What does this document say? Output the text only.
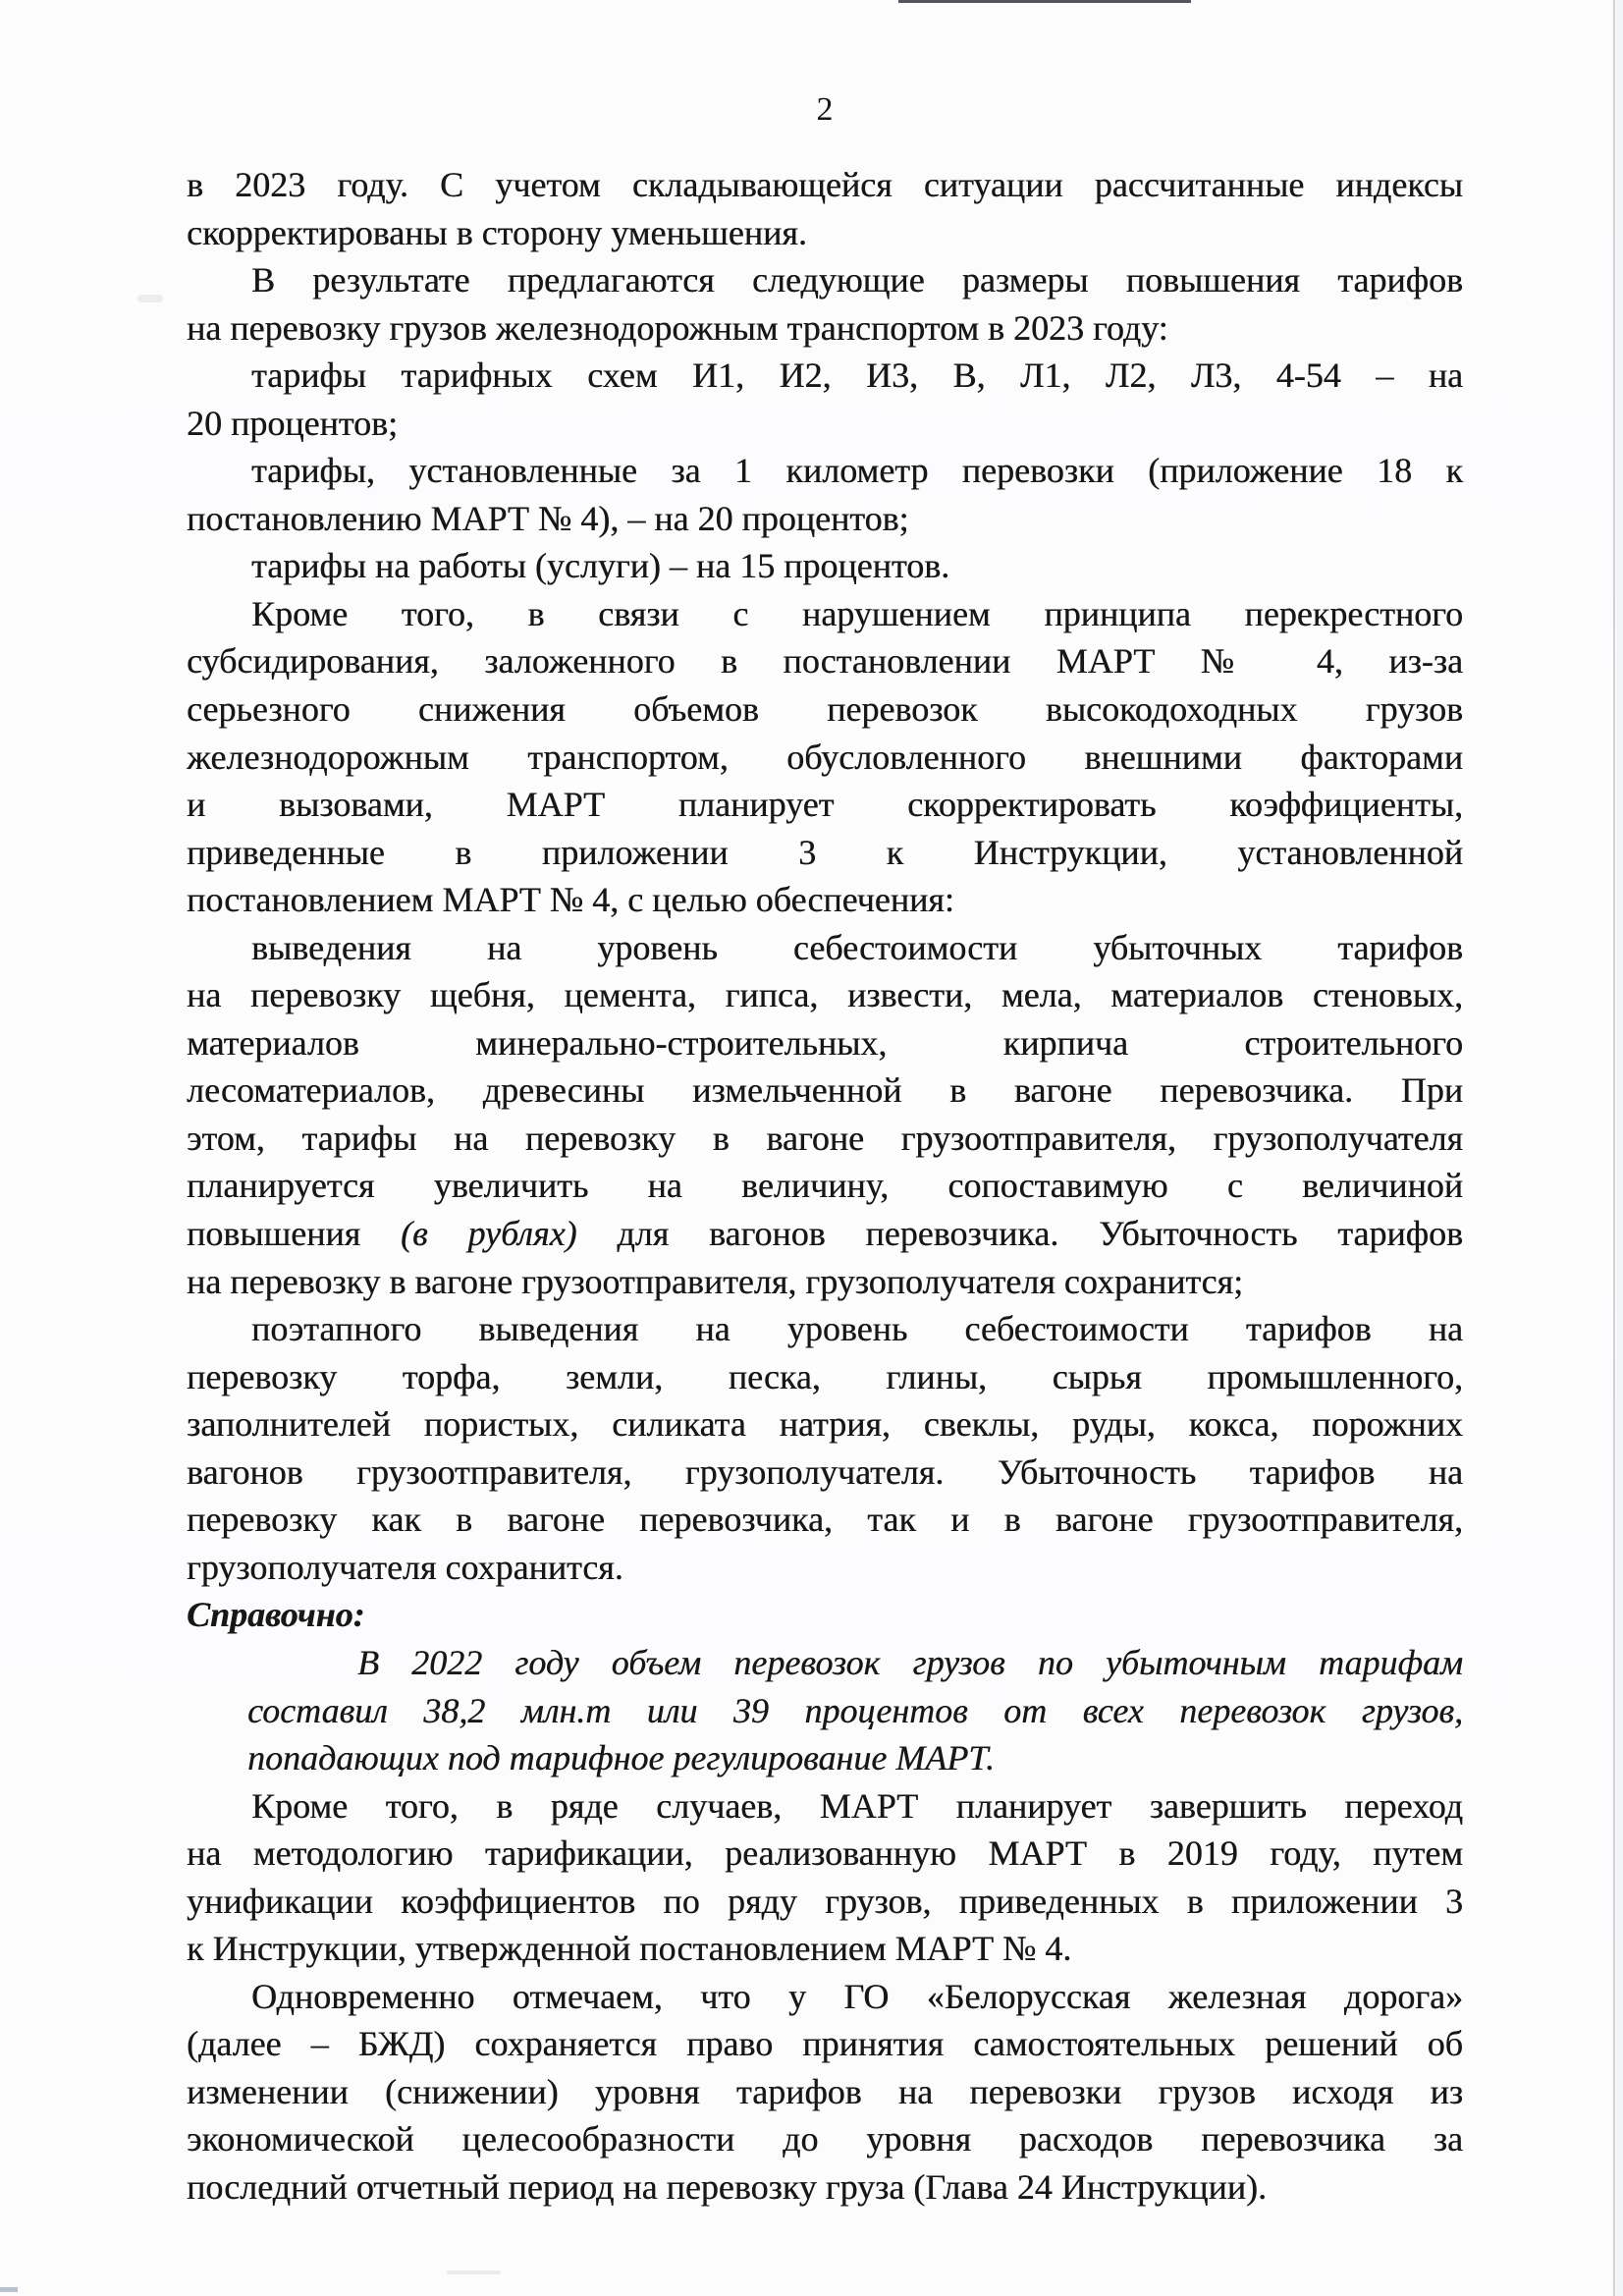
2
в 2023 году. С учетом складывающейся ситуации рассчитанные индексы
скорректированы в сторону уменьшения.
В результате предлагаются следующие размеры повышения тарифов
на перевозку грузов железнодорожным транспортом в 2023 году:
тарифы тарифных схем И1, И2, И3, В, Л1, Л2, Л3, 4-54 – на
20 процентов;
тарифы, установленные за 1 километр перевозки (приложение 18 к
постановлению МАРТ № 4), – на 20 процентов;
тарифы на работы (услуги) – на 15 процентов.
Кроме того, в связи с нарушением принципа перекрестного
субсидирования, заложенного в постановлении МАРТ № 4, из-за
серьезного снижения объемов перевозок высокодоходных грузов
железнодорожным транспортом, обусловленного внешними факторами
и вызовами, МАРТ планирует скорректировать коэффициенты,
приведенные в приложении 3 к Инструкции, установленной
постановлением МАРТ № 4, с целью обеспечения:
выведения на уровень себестоимости убыточных тарифов
на перевозку щебня, цемента, гипса, извести, мела, материалов стеновых,
материалов минерально-строительных, кирпича строительного
лесоматериалов, древесины измельченной в вагоне перевозчика. При
этом, тарифы на перевозку в вагоне грузоотправителя, грузополучателя
планируется увеличить на величину, сопоставимую с величиной
повышения (в рублях) для вагонов перевозчика. Убыточность тарифов
на перевозку в вагоне грузоотправителя, грузополучателя сохранится;
поэтапного выведения на уровень себестоимости тарифов на
перевозку торфа, земли, песка, глины, сырья промышленного,
заполнителей пористых, силиката натрия, свеклы, руды, кокса, порожних
вагонов грузоотправителя, грузополучателя. Убыточность тарифов на
перевозку как в вагоне перевозчика, так и в вагоне грузоотправителя,
грузополучателя сохранится.
Справочно:
В 2022 году объем перевозок грузов по убыточным тарифам
составил 38,2 млн.т или 39 процентов от всех перевозок грузов,
попадающих под тарифное регулирование МАРТ.
Кроме того, в ряде случаев, МАРТ планирует завершить переход
на методологию тарификации, реализованную МАРТ в 2019 году, путем
унификации коэффициентов по ряду грузов, приведенных в приложении 3
к Инструкции, утвержденной постановлением МАРТ № 4.
Одновременно отмечаем, что у ГО «Белорусская железная дорога»
(далее – БЖД) сохраняется право принятия самостоятельных решений об
изменении (снижении) уровня тарифов на перевозки грузов исходя из
экономической целесообразности до уровня расходов перевозчика за
последний отчетный период на перевозку груза (Глава 24 Инструкции).
